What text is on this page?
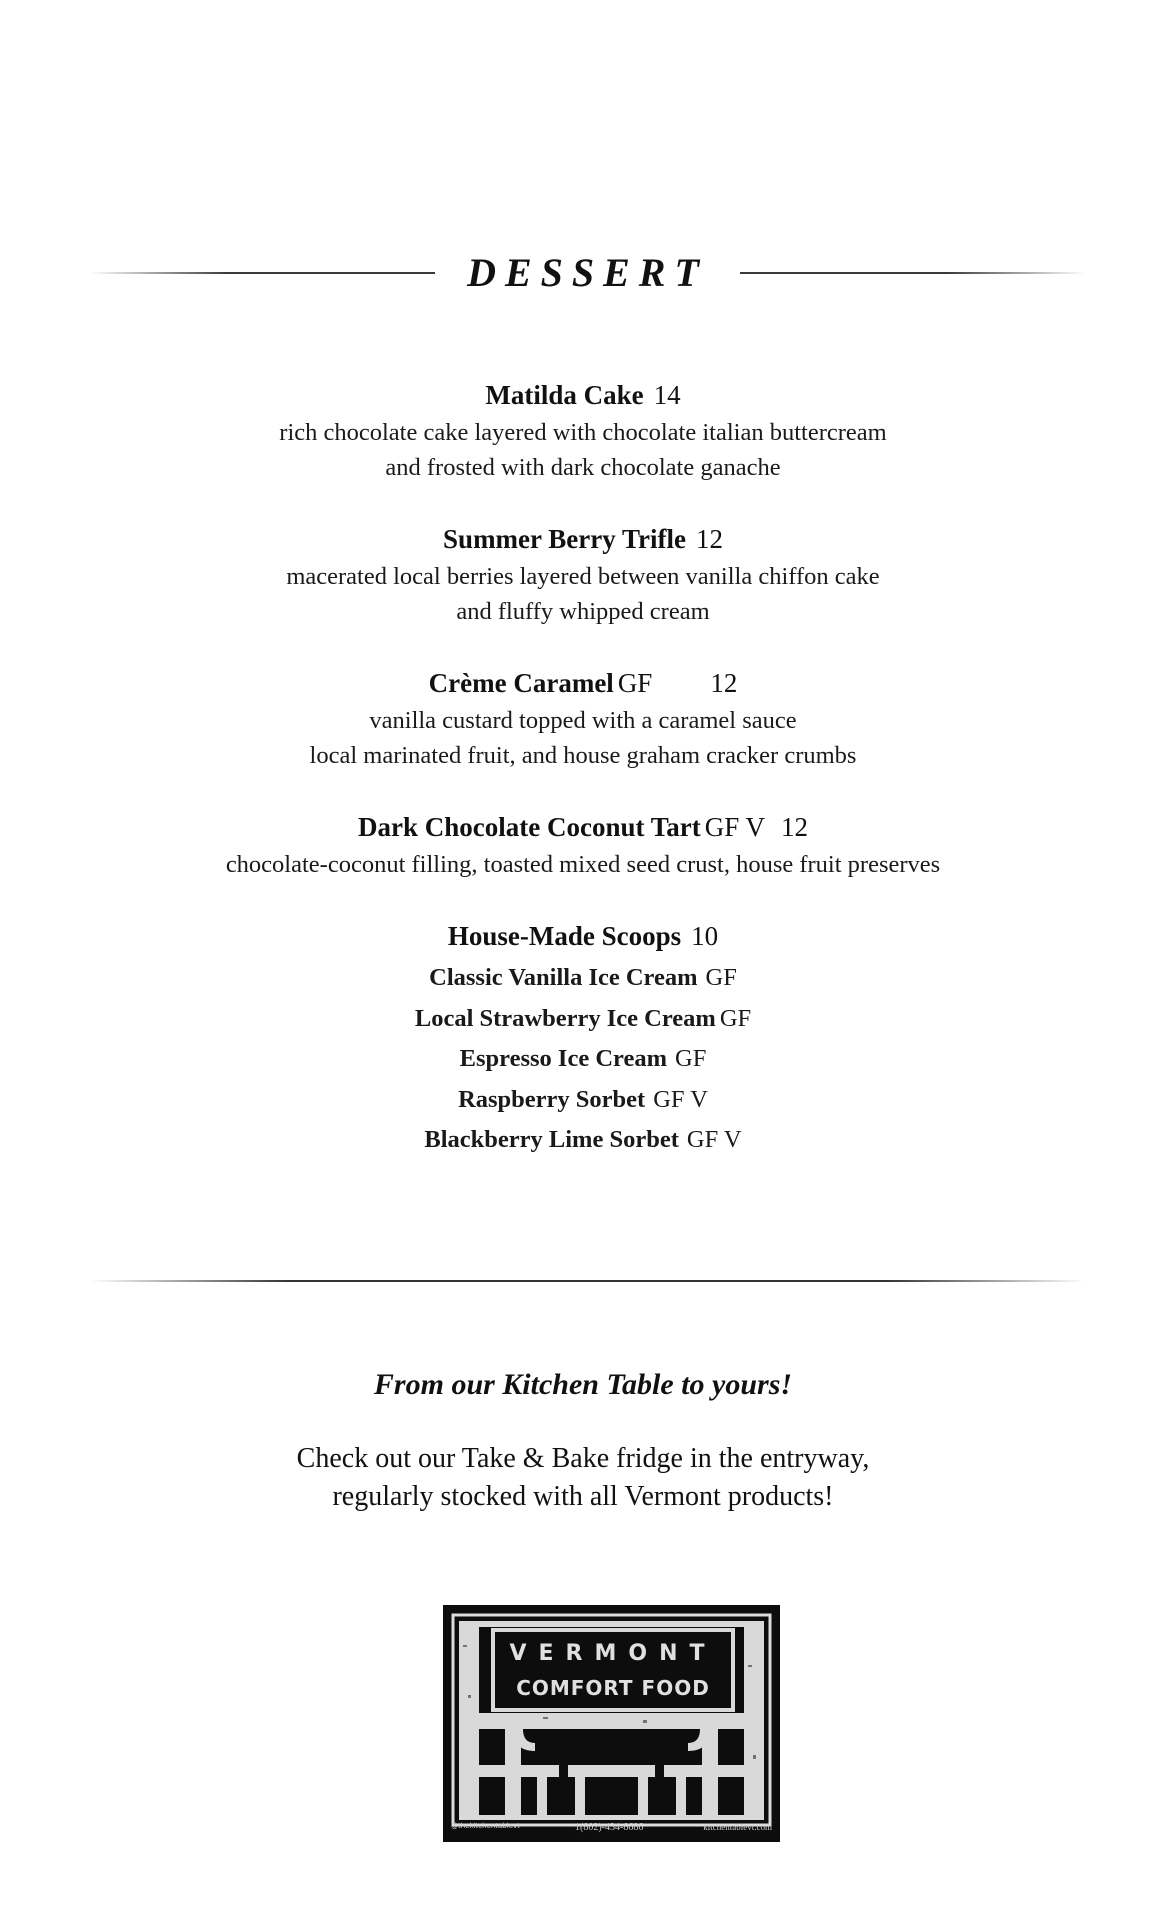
DESSERT
Matilda Cake 14
rich chocolate cake layered with chocolate italian buttercream
and frosted with dark chocolate ganache
Summer Berry Trifle 12
macerated local berries layered between vanilla chiffon cake
and fluffy whipped cream
Crème Caramel GF 12
vanilla custard topped with a caramel sauce
local marinated fruit, and house graham cracker crumbs
Dark Chocolate Coconut Tart GF V 12
chocolate-coconut filling, toasted mixed seed crust, house fruit preserves
House-Made Scoops 10
Classic Vanilla Ice Cream GF
Local Strawberry Ice Cream GF
Espresso Ice Cream GF
Raspberry Sorbet GF V
Blackberry Lime Sorbet GF V
From our Kitchen Table to yours!
Check out our Take & Bake fridge in the entryway,
regularly stocked with all Vermont products!
VERMONT
COMFORT FOOD
@thekitchentablevt	1(802)-434-8686	kitchentablevt.com
